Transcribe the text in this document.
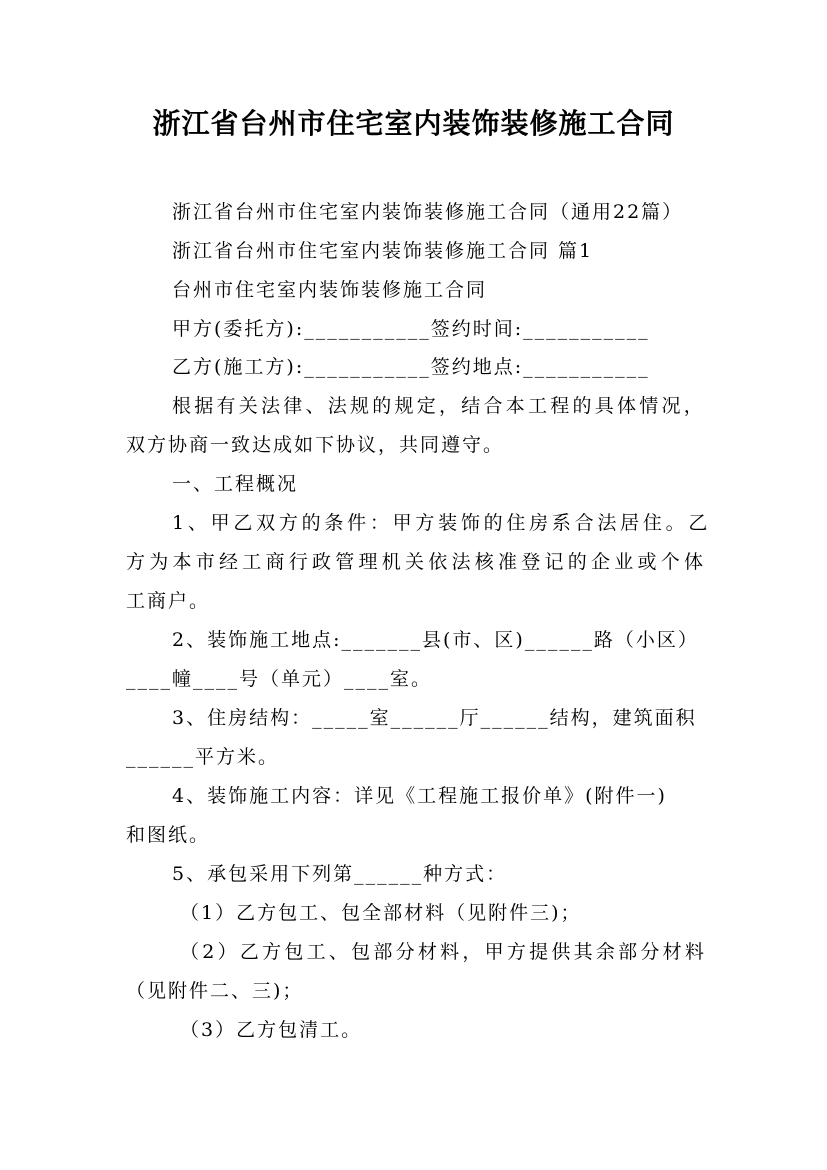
浙江省台州市住宅室内装饰装修施工合同
浙江省台州市住宅室内装饰装修施工合同（通用22篇）
浙江省台州市住宅室内装饰装修施工合同 篇1
台州市住宅室内装饰装修施工合同
甲方(委托方):___________签约时间:___________
乙方(施工方):___________签约地点:___________
根据有关法律、法规的规定，结合本工程的具体情况，
双方协商一致达成如下协议，共同遵守。
一、工程概况
1、甲乙双方的条件：甲方装饰的住房系合法居住。乙
方为本市经工商行政管理机关依法核准登记的企业或个体
工商户。
2、装饰施工地点:_______县(市、区)______路（小区）
____幢____号（单元）____室。
3、住房结构：_____室______厅______结构，建筑面积
______平方米。
4、装饰施工内容：详见《工程施工报价单》(附件一)
和图纸。
5、承包采用下列第______种方式：
（1）乙方包工、包全部材料（见附件三)；
（2）乙方包工、包部分材料，甲方提供其余部分材料
（见附件二、三)；
（3）乙方包清工。
